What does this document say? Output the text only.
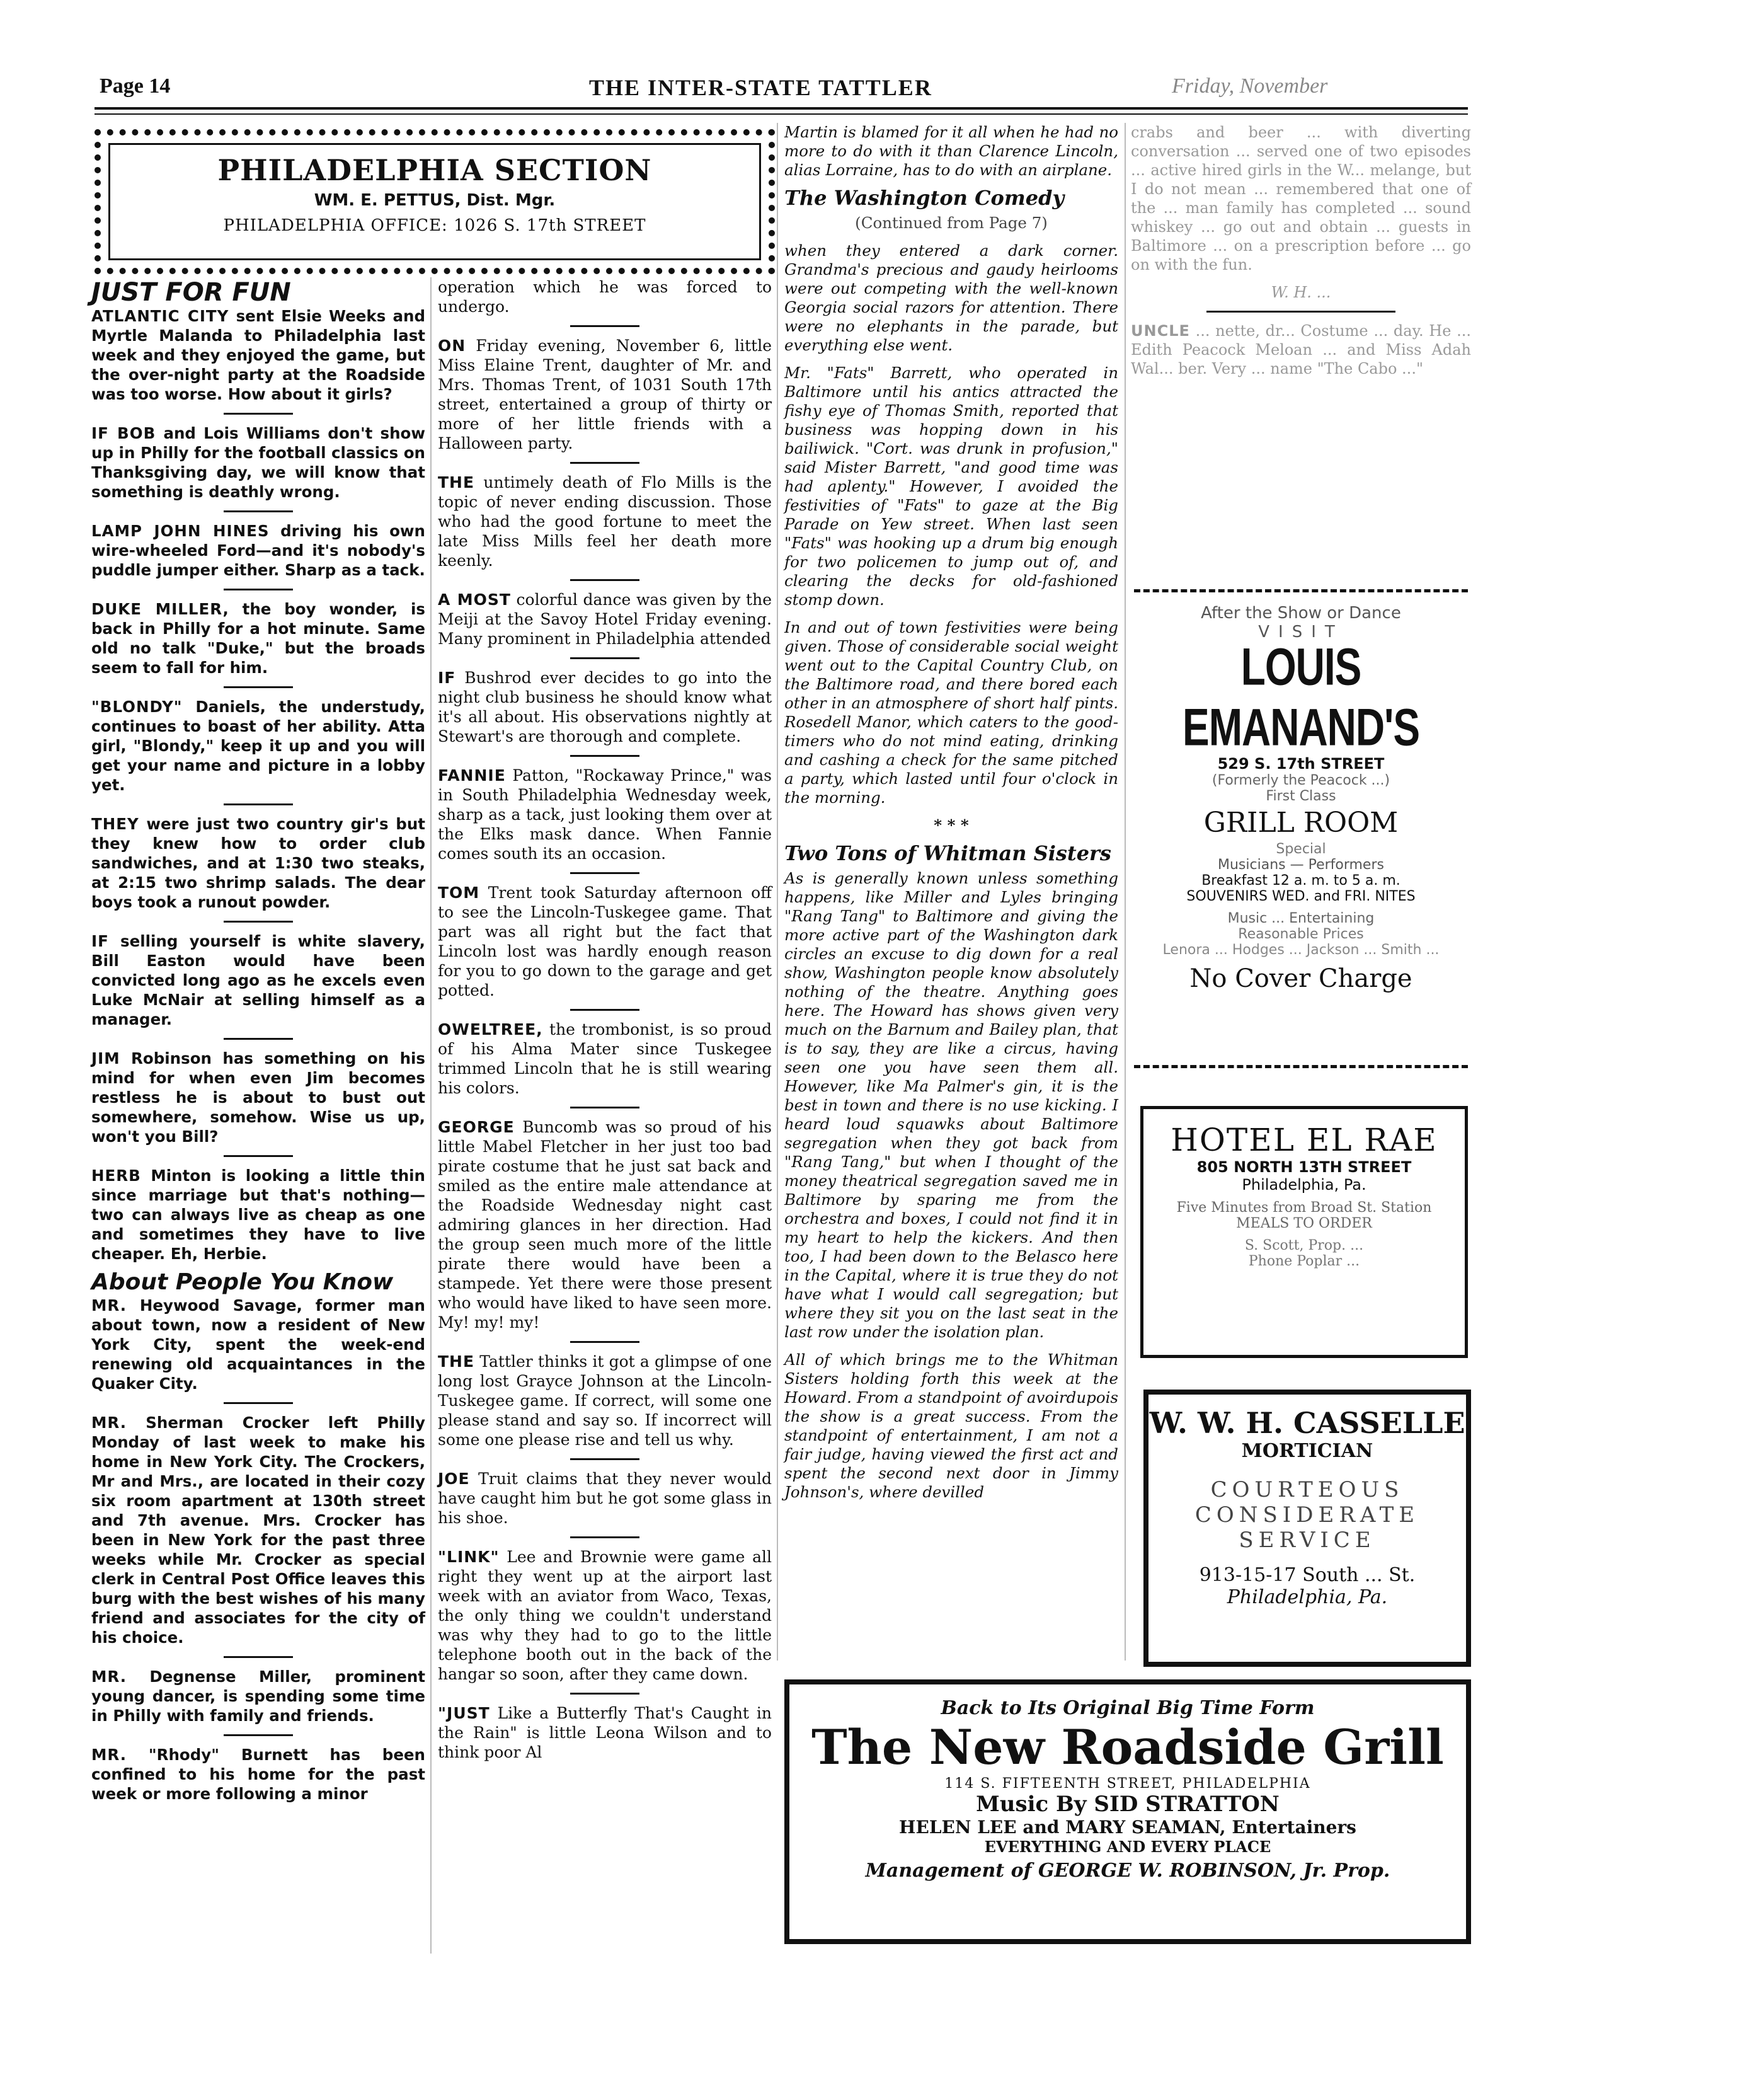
Page 14	THE INTER-STATE TATTLER	Friday, November
PHILADELPHIA SECTION
WM. E. PETTUS, Dist. Mgr.
PHILADELPHIA OFFICE: 1026 S. 17th STREET
JUST FOR FUN

ATLANTIC CITY sent Elsie Weeks and Myrtle Malanda to Philadelphia last week and they enjoyed the game, but the over-night party at the Roadside was too worse. How about it girls?

IF BOB and Lois Williams don't show up in Philly for the football classics on Thanksgiving day, we will know that something is deathly wrong.

LAMP JOHN HINES driving his own wire-wheeled Ford—and it's nobody's puddle jumper either. Sharp as a tack.

DUKE MILLER, the boy wonder, is back in Philly for a hot minute. Same old no talk "Duke," but the broads seem to fall for him.

"BLONDY" Daniels, the understudy, continues to boast of her ability. Atta girl, "Blondy," keep it up and you will get your name and picture in a lobby yet.

THEY were just two country gir's but they knew how to order club sandwiches, and at 1:30 two steaks, at 2:15 two shrimp salads. The dear boys took a runout powder.

IF selling yourself is white slavery, Bill Easton would have been convicted long ago as he excels even Luke McNair at selling himself as a manager.

JIM Robinson has something on his mind for when even Jim becomes restless he is about to bust out somewhere, somehow. Wise us up, won't you Bill?

HERB Minton is looking a little thin since marriage but that's nothing—two can always live as cheap as one and sometimes they have to live cheaper. Eh, Herbie.

About People You Know

MR. Heywood Savage, former man about town, now a resident of New York City, spent the week-end renewing old acquaintances in the Quaker City.

MR. Sherman Crocker left Philly Monday of last week to make his home in New York City. The Crockers, Mr and Mrs., are located in their cozy six room apartment at 130th street and 7th avenue. Mrs. Crocker has been in New York for the past three weeks while Mr. Crocker as special clerk in Central Post Office leaves this burg with the best wishes of his many friend and associates for the city of his choice.

MR. Degnense Miller, prominent young dancer, is spending some time in Philly with family and friends.

MR. "Rhody" Burnett has been confined to his home for the past week or more following a minor

operation which he was forced to undergo.

ON Friday evening, November 6, little Miss Elaine Trent, daughter of Mr. and Mrs. Thomas Trent, of 1031 South 17th street, entertained a group of thirty or more of her little friends with a Halloween party.

THE untimely death of Flo Mills is the topic of never ending discussion. Those who had the good fortune to meet the late Miss Mills feel her death more keenly.

A MOST colorful dance was given by the Meiji at the Savoy Hotel Friday evening. Many prominent in Philadelphia attended

IF Bushrod ever decides to go into the night club business he should know what it's all about. His observations nightly at Stewart's are thorough and complete.

FANNIE Patton, "Rockaway Prince," was in South Philadelphia Wednesday week, sharp as a tack, just looking them over at the Elks mask dance. When Fannie comes south its an occasion.

TOM Trent took Saturday afternoon off to see the Lincoln-Tuskegee game. That part was all right but the fact that Lincoln lost was hardly enough reason for you to go down to the garage and get potted.

OWELTREE, the trombonist, is so proud of his Alma Mater since Tuskegee trimmed Lincoln that he is still wearing his colors.

GEORGE Buncomb was so proud of his little Mabel Fletcher in her just too bad pirate costume that he just sat back and smiled as the entire male attendance at the Roadside Wednesday night cast admiring glances in her direction. Had the group seen much more of the little pirate there would have been a stampede. Yet there were those present who would have liked to have seen more. My! my! my!

THE Tattler thinks it got a glimpse of one long lost Grayce Johnson at the Lincoln-Tuskegee game. If correct, will some one please stand and say so. If incorrect will some one please rise and tell us why.

JOE Truit claims that they never would have caught him but he got some glass in his shoe.

"LINK" Lee and Brownie were game all right they went up at the airport last week with an aviator from Waco, Texas, the only thing we couldn't understand was why they had to go to the little telephone booth out in the back of the hangar so soon, after they came down.

"JUST Like a Butterfly That's Caught in the Rain" is little Leona Wilson and to think poor Al

Martin is blamed for it all when he had no more to do with it than Clarence Lincoln, alias Lorraine, has to do with an airplane.

The Washington Comedy

(Continued from Page 7)

when they entered a dark corner. Grandma's precious and gaudy heirlooms were out competing with the well-known Georgia social razors for attention. There were no elephants in the parade, but everything else went.

Mr. "Fats" Barrett, who operated in Baltimore until his antics attracted the fishy eye of Thomas Smith, reported that business was hopping down in his bailiwick. "Cort. was drunk in profusion," said Mister Barrett, "and good time was had aplenty." However, I avoided the festivities of "Fats" to gaze at the Big Parade on Yew street. When last seen "Fats" was hooking up a drum big enough for two policemen to jump out of, and clearing the decks for old-fashioned stomp down.

In and out of town festivities were being given. Those of considerable social weight went out to the Capital Country Club, on the Baltimore road, and there bored each other in an atmosphere of short half pints. Rosedell Manor, which caters to the good-timers who do not mind eating, drinking and cashing a check for the same pitched a party, which lasted until four o'clock in the morning.

* * *

Two Tons of Whitman Sisters

As is generally known unless something happens, like Miller and Lyles bringing "Rang Tang" to Baltimore and giving the more active part of the Washington dark circles an excuse to dig down for a real show, Washington people know absolutely nothing of the theatre. Anything goes here. The Howard has shows given very much on the Barnum and Bailey plan, that is to say, they are like a circus, having seen one you have seen them all. However, like Ma Palmer's gin, it is the best in town and there is no use kicking. I heard loud squawks about Baltimore segregation when they got back from "Rang Tang," but when I thought of the money theatrical segregation saved me in Baltimore by sparing me from the orchestra and boxes, I could not find it in my heart to help the kickers. And then too, I had been down to the Belasco here in the Capital, where it is true they do not have what I would call segregation; but where they sit you on the last seat in the last row under the isolation plan.

All of which brings me to the Whitman Sisters holding forth this week at the Howard. From a standpoint of avoirdupois the show is a great success. From the standpoint of entertainment, I am not a fair judge, having viewed the first act and spent the second next door in Jimmy Johnson's, where devilled

crabs and beer ... with diverting conversation ... served one of two episodes ... active hired girls in the W... melange, but I do not mean ... remembered that one of the ... man family has completed ... sound whiskey ... go out and obtain ... guests in Baltimore ... on a prescription before ... go on with the fun.

W. H. ...

UNCLE ... nette, dr... Costume ... day. He ... Edith Peacock Meloan ... and Miss Adah Wal... ber. Very ... name "The Cabo ..."

After the Show or Dance
VISIT
LOUIS EMANAND'S
529 S. 17th STREET
(Formerly the Peacock ...)
First Class
GRILL ROOM
Special
Musicians — Performers
Breakfast 12 a. m. to 5 a. m.
SOUVENIRS WED. and FRI. NITES
Music ... Entertaining
Reasonable Prices
Lenora ... Hodges ... Jackson ... Smith ...
No Cover Charge
HOTEL EL RAE
805 NORTH 13TH STREET
Philadelphia, Pa.
Five Minutes from Broad St. Station
MEALS TO ORDER
S. Scott, Prop. ...
Phone Poplar ...
W. W. H. CASSELLE
MORTICIAN
COURTEOUS
CONSIDERATE
SERVICE
913-15-17 South ... St.
Philadelphia, Pa.
Back to Its Original Big Time Form
The New Roadside Grill
114 S. FIFTEENTH STREET, PHILADELPHIA
Music By SID STRATTON
HELEN LEE and MARY SEAMAN, Entertainers
EVERYTHING AND EVERY PLACE
Management of GEORGE W. ROBINSON, Jr. Prop.
